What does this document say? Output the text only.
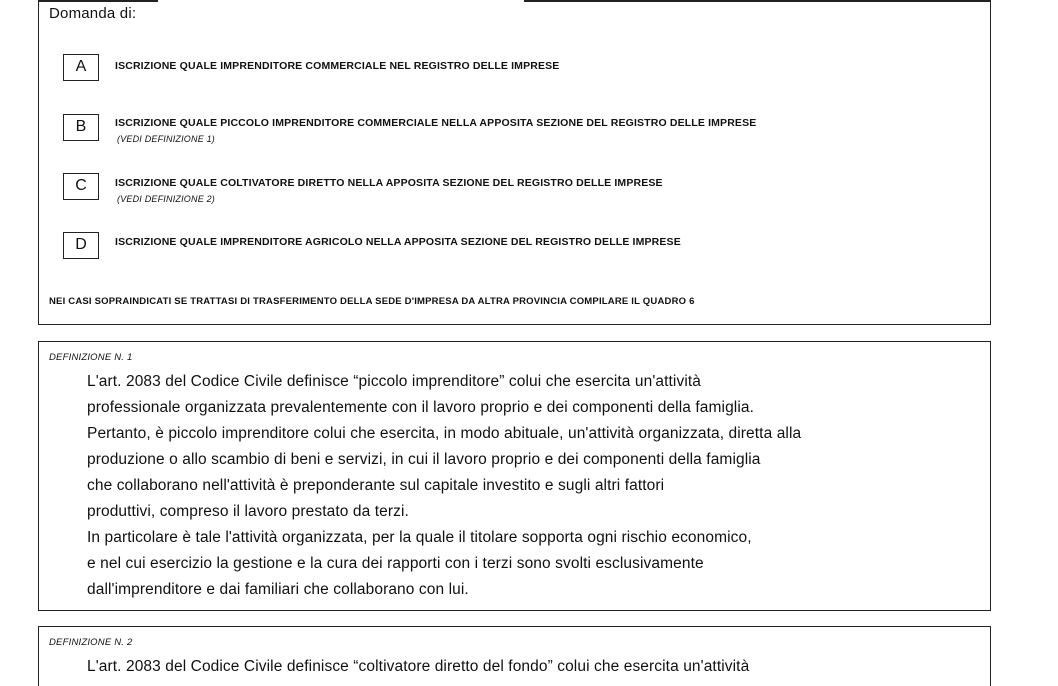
Domanda di:
A	ISCRIZIONE QUALE IMPRENDITORE COMMERCIALE NEL REGISTRO DELLE IMPRESE
B	ISCRIZIONE QUALE PICCOLO IMPRENDITORE COMMERCIALE NELLA APPOSITA SEZIONE DEL REGISTRO DELLE IMPRESE
(VEDI DEFINIZIONE 1)
C	ISCRIZIONE QUALE COLTIVATORE DIRETTO NELLA APPOSITA SEZIONE DEL REGISTRO DELLE IMPRESE
(VEDI DEFINIZIONE 2)
D	ISCRIZIONE QUALE IMPRENDITORE AGRICOLO NELLA APPOSITA SEZIONE DEL REGISTRO DELLE IMPRESE
NEI CASI SOPRAINDICATI SE TRATTASI DI TRASFERIMENTO DELLA SEDE D'IMPRESA DA ALTRA PROVINCIA COMPILARE IL QUADRO 6
DEFINIZIONE N. 1
L'art. 2083 del Codice Civile definisce “piccolo imprenditore” colui che esercita un'attività
professionale organizzata prevalentemente con il lavoro proprio e dei componenti della famiglia.
Pertanto, è piccolo imprenditore colui che esercita, in modo abituale, un'attività organizzata, diretta alla
produzione o allo scambio di beni e servizi, in cui il lavoro proprio e dei componenti della famiglia
che collaborano nell'attività è preponderante sul capitale investito e sugli altri fattori
produttivi, compreso il lavoro prestato da terzi.
In particolare è tale l'attività organizzata, per la quale il titolare sopporta ogni rischio economico,
e nel cui esercizio la gestione e la cura dei rapporti con i terzi sono svolti esclusivamente
dall'imprenditore e dai familiari che collaborano con lui.
DEFINIZIONE N. 2
L'art. 2083 del Codice Civile definisce “coltivatore diretto del fondo” colui che esercita un'attività
